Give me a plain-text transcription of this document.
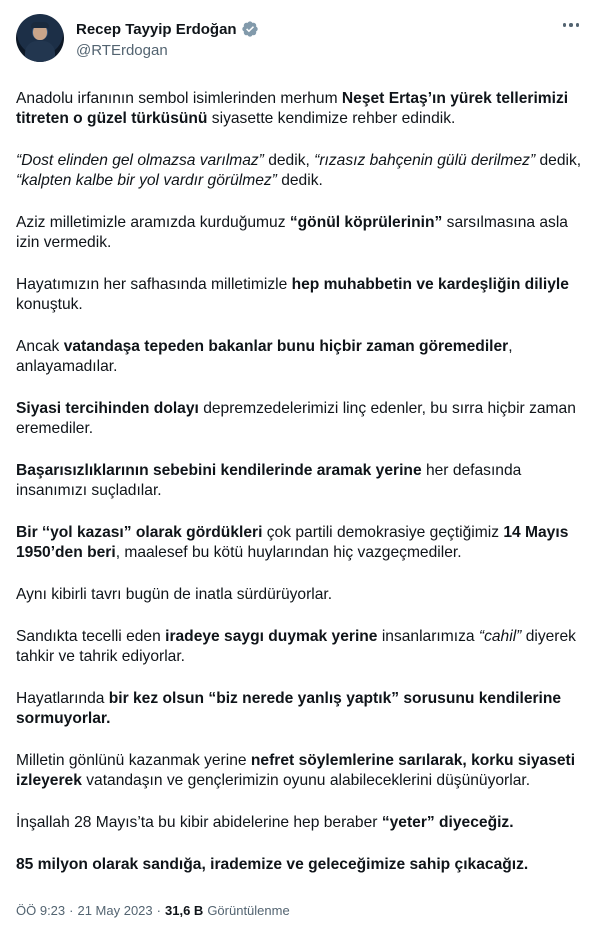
Recep Tayyip Erdoğan
@RTErdogan

Anadolu irfanının sembol isimlerinden merhum Neşet Ertaş’ın yürek tellerimizi titreten o güzel türküsünü siyasette kendimize rehber edindik.

“Dost elinden gel olmazsa varılmaz” dedik, “rızasız bahçenin gülü derilmez” dedik, “kalpten kalbe bir yol vardır görülmez” dedik.

Aziz milletimizle aramızda kurduğumuz “gönül köprülerinin” sarsılmasına asla izin vermedik.

Hayatımızın her safhasında milletimizle hep muhabbetin ve kardeşliğin diliyle konuştuk.

Ancak vatandaşa tepeden bakanlar bunu hiçbir zaman göremediler, anlayamadılar.

Siyasi tercihinden dolayı depremzedelerimizi linç edenler, bu sırra hiçbir zaman eremediler.

Başarısızlıklarının sebebini kendilerinde aramak yerine her defasında insanımızı suçladılar.

Bir ‘‘yol kazası” olarak gördükleri çok partili demokrasiye geçtiğimiz 14 Mayıs 1950’den beri, maalesef bu kötü huylarından hiç vazgeçmediler.

Aynı kibirli tavrı bugün de inatla sürdürüyorlar.

Sandıkta tecelli eden iradeye saygı duymak yerine insanlarımıza “cahil” diyerek tahkir ve tahrik ediyorlar.

Hayatlarında bir kez olsun “biz nerede yanlış yaptık” sorusunu kendilerine sormuyorlar.

Milletin gönlünü kazanmak yerine nefret söylemlerine sarılarak, korku siyaseti izleyerek vatandaşın ve gençlerimizin oyunu alabileceklerini düşünüyorlar.

İnşallah 28 Mayıs’ta bu kibir abidelerine hep beraber “yeter” diyeceğiz.

85 milyon olarak sandığa, irademize ve geleceğimize sahip çıkacağız.

ÖÖ 9:23 · 21 May 2023 · 31,6 B Görüntülenme
